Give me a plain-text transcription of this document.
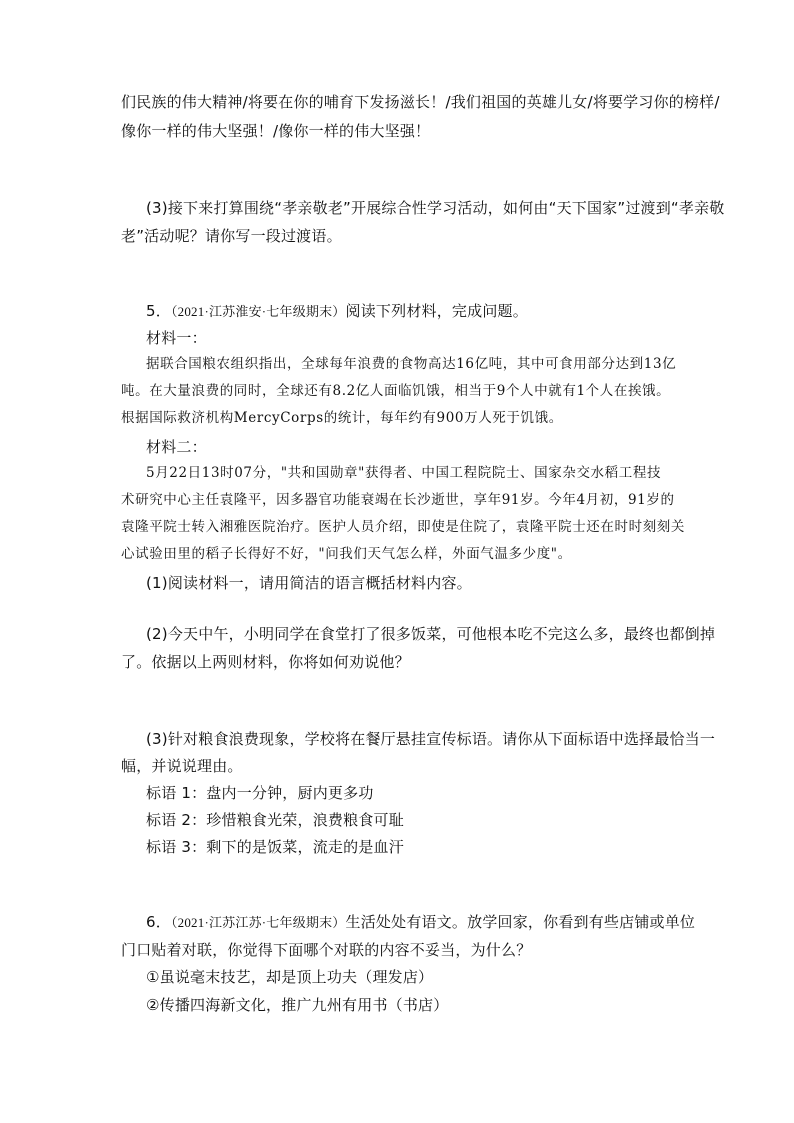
们民族的伟大精神/将要在你的哺育下发扬滋长！/我们祖国的英雄儿女/将要学习你的榜样/
像你一样的伟大坚强！/像你一样的伟大坚强！
(3)接下来打算围绕“孝亲敬老”开展综合性学习活动，如何由“天下国家”过渡到“孝亲敬
老”活动呢？请你写一段过渡语。
5．（2021·江苏淮安·七年级期末）阅读下列材料，完成问题。
材料一：
据联合国粮农组织指出，全球每年浪费的食物高达16亿吨，其中可食用部分达到13亿
吨。在大量浪费的同时，全球还有8.2亿人面临饥饿，相当于9个人中就有1个人在挨饿。
根据国际救济机构MercyCorps的统计，每年约有900万人死于饥饿。
材料二：
5月22日13时07分，"共和国勋章"获得者、中国工程院院士、国家杂交水稻工程技
术研究中心主任袁隆平，因多器官功能衰竭在长沙逝世，享年91岁。今年4月初，91岁的
袁隆平院士转入湘雅医院治疗。医护人员介绍，即使是住院了，袁隆平院士还在时时刻刻关
心试验田里的稻子长得好不好，"问我们天气怎么样，外面气温多少度"。
(1)阅读材料一，请用简洁的语言概括材料内容。
(2)今天中午，小明同学在食堂打了很多饭菜，可他根本吃不完这么多，最终也都倒掉
了。依据以上两则材料，你将如何劝说他？
(3)针对粮食浪费现象，学校将在餐厅悬挂宣传标语。请你从下面标语中选择最恰当一
幅，并说说理由。
标语 1：盘内一分钟，厨内更多功
标语 2：珍惜粮食光荣，浪费粮食可耻
标语 3：剩下的是饭菜，流走的是血汗
6．（2021·江苏江苏·七年级期末）生活处处有语文。放学回家，你看到有些店铺或单位
门口贴着对联，你觉得下面哪个对联的内容不妥当，为什么？
①虽说毫末技艺，却是顶上功夫（理发店）
②传播四海新文化，推广九州有用书（书店）
